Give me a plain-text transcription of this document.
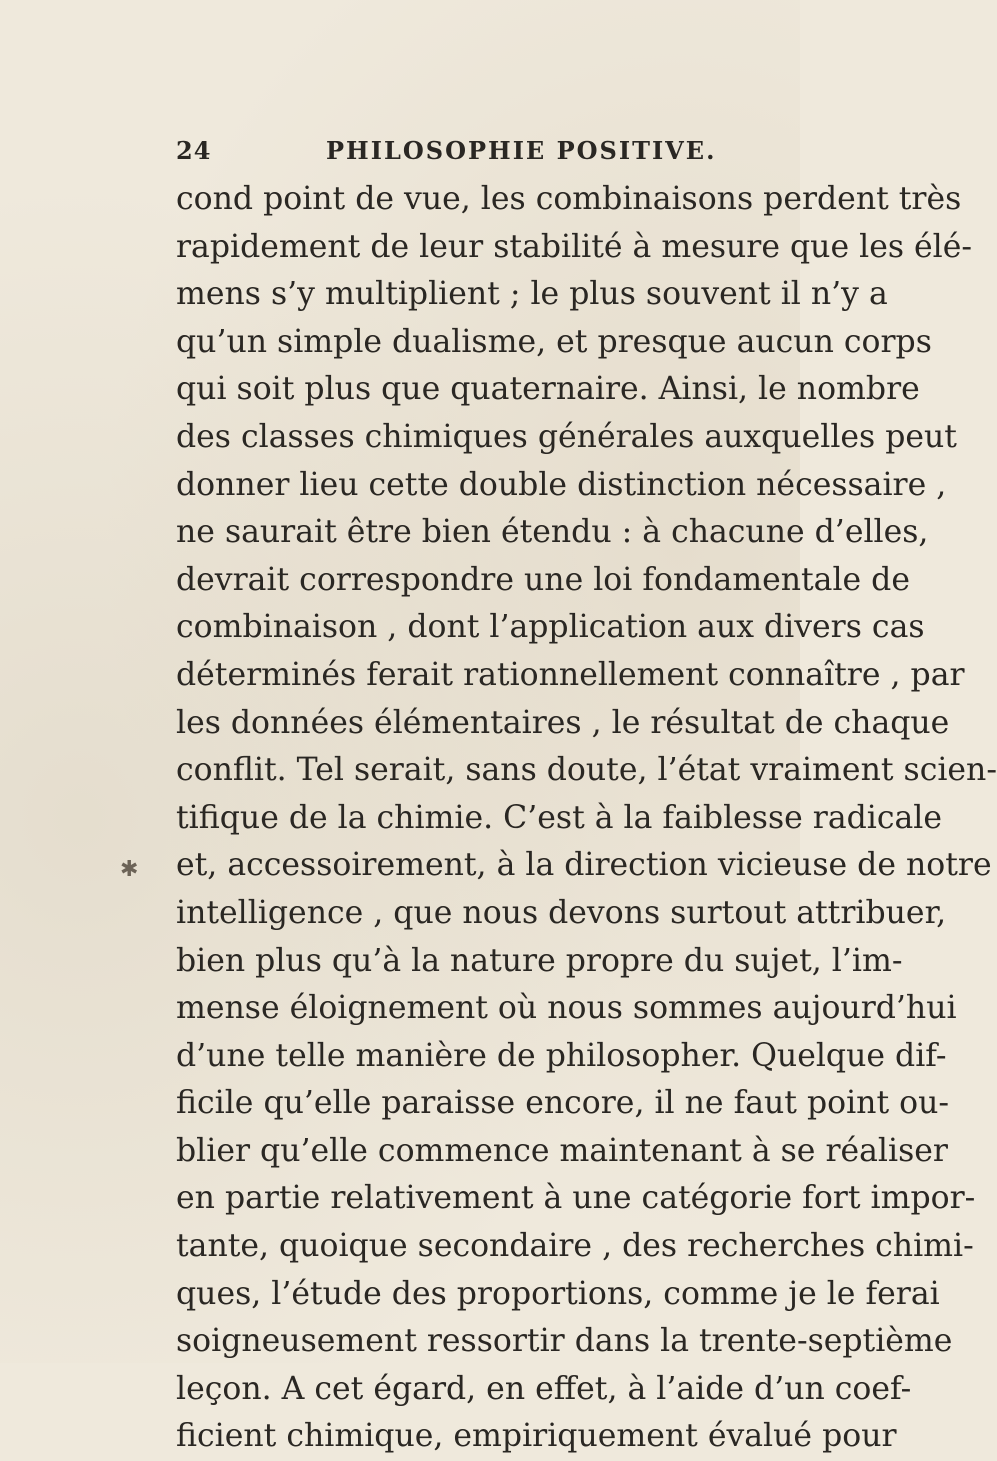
24	PHILOSOPHIE POSITIVE.
✱
cond point de vue, les combinaisons perdent très
rapidement de leur stabilité à mesure que les élé-
mens s’y multiplient ; le plus souvent il n’y a
qu’un simple dualisme, et presque aucun corps
qui soit plus que quaternaire. Ainsi, le nombre
des classes chimiques générales auxquelles peut
donner lieu cette double distinction nécessaire ,
ne saurait être bien étendu : à chacune d’elles,
devrait correspondre une loi fondamentale de
combinaison , dont l’application aux divers cas
déterminés ferait rationnellement connaître , par
les données élémentaires , le résultat de chaque
conflit. Tel serait, sans doute, l’état vraiment scien-
tifique de la chimie. C’est à la faiblesse radicale
et, accessoirement, à la direction vicieuse de notre
intelligence , que nous devons surtout attribuer,
bien plus qu’à la nature propre du sujet, l’im-
mense éloignement où nous sommes aujourd’hui
d’une telle manière de philosopher. Quelque dif-
ficile qu’elle paraisse encore, il ne faut point ou-
blier qu’elle commence maintenant à se réaliser
en partie relativement à une catégorie fort impor-
tante, quoique secondaire , des recherches chimi-
ques, l’étude des proportions, comme je le ferai
soigneusement ressortir dans la trente-septième
leçon. A cet égard, en effet, à l’aide d’un coef-
ficient chimique, empiriquement évalué pour
